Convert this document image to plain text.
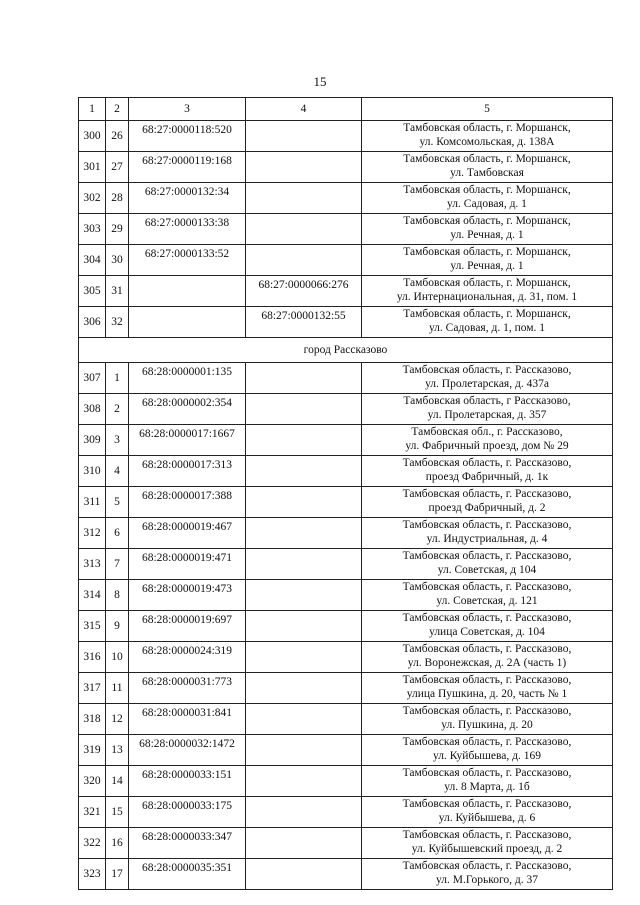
15
1	2	3	4	5
300	26	68:27:0000118:520		Тамбовская область, г. Моршанск,
ул. Комсомольская, д. 138А

301	27	68:27:0000119:168		Тамбовская область, г. Моршанск,
ул. Тамбовская

302	28	68:27:0000132:34		Тамбовская область, г. Моршанск,
ул. Садовая, д. 1

303	29	68:27:0000133:38		Тамбовская область, г. Моршанск,
ул. Речная, д. 1

304	30	68:27:0000133:52		Тамбовская область, г. Моршанск,
ул. Речная, д. 1

305	31		68:27:0000066:276	Тамбовская область, г. Моршанск,
ул. Интернациональная, д. 31, пом. 1

306	32		68:27:0000132:55	Тамбовская область, г. Моршанск,
ул. Садовая, д. 1, пом. 1

город Рассказово				
307	1	68:28:0000001:135		Тамбовская область, г. Рассказово,
ул. Пролетарская, д. 437а

308	2	68:28:0000002:354		Тамбовская область, г Рассказово,
ул. Пролетарская, д. 357

309	3	68:28:0000017:1667		Тамбовская обл., г. Рассказово,
ул. Фабричный проезд, дом № 29

310	4	68:28:0000017:313		Тамбовская область, г. Рассказово,
проезд Фабричный, д. 1к

311	5	68:28:0000017:388		Тамбовская область, г. Рассказово,
проезд Фабричный, д. 2

312	6	68:28:0000019:467		Тамбовская область, г. Рассказово,
ул. Индустриальная, д. 4

313	7	68:28:0000019:471		Тамбовская область, г. Рассказово,
ул. Советская, д 104

314	8	68:28:0000019:473		Тамбовская область, г. Рассказово,
ул. Советская, д. 121

315	9	68:28:0000019:697		Тамбовская область, г. Рассказово,
улица Советская, д. 104

316	10	68:28:0000024:319		Тамбовская область, г. Рассказово,
ул. Воронежская, д. 2А (часть 1)

317	11	68:28:0000031:773		Тамбовская область, г. Рассказово,
улица Пушкина, д. 20, часть № 1

318	12	68:28:0000031:841		Тамбовская область, г. Рассказово,
ул. Пушкина, д. 20

319	13	68:28:0000032:1472		Тамбовская область, г. Рассказово,
ул. Куйбышева, д. 169

320	14	68:28:0000033:151		Тамбовская область, г. Рассказово,
ул. 8 Марта, д. 1б

321	15	68:28:0000033:175		Тамбовская область, г. Рассказово,
ул. Куйбышева, д. 6

322	16	68:28:0000033:347		Тамбовская область, г. Рассказово,
ул. Куйбышевский проезд, д. 2

323	17	68:28:0000035:351		Тамбовская область, г. Рассказово,
ул. М.Горького, д. 37
